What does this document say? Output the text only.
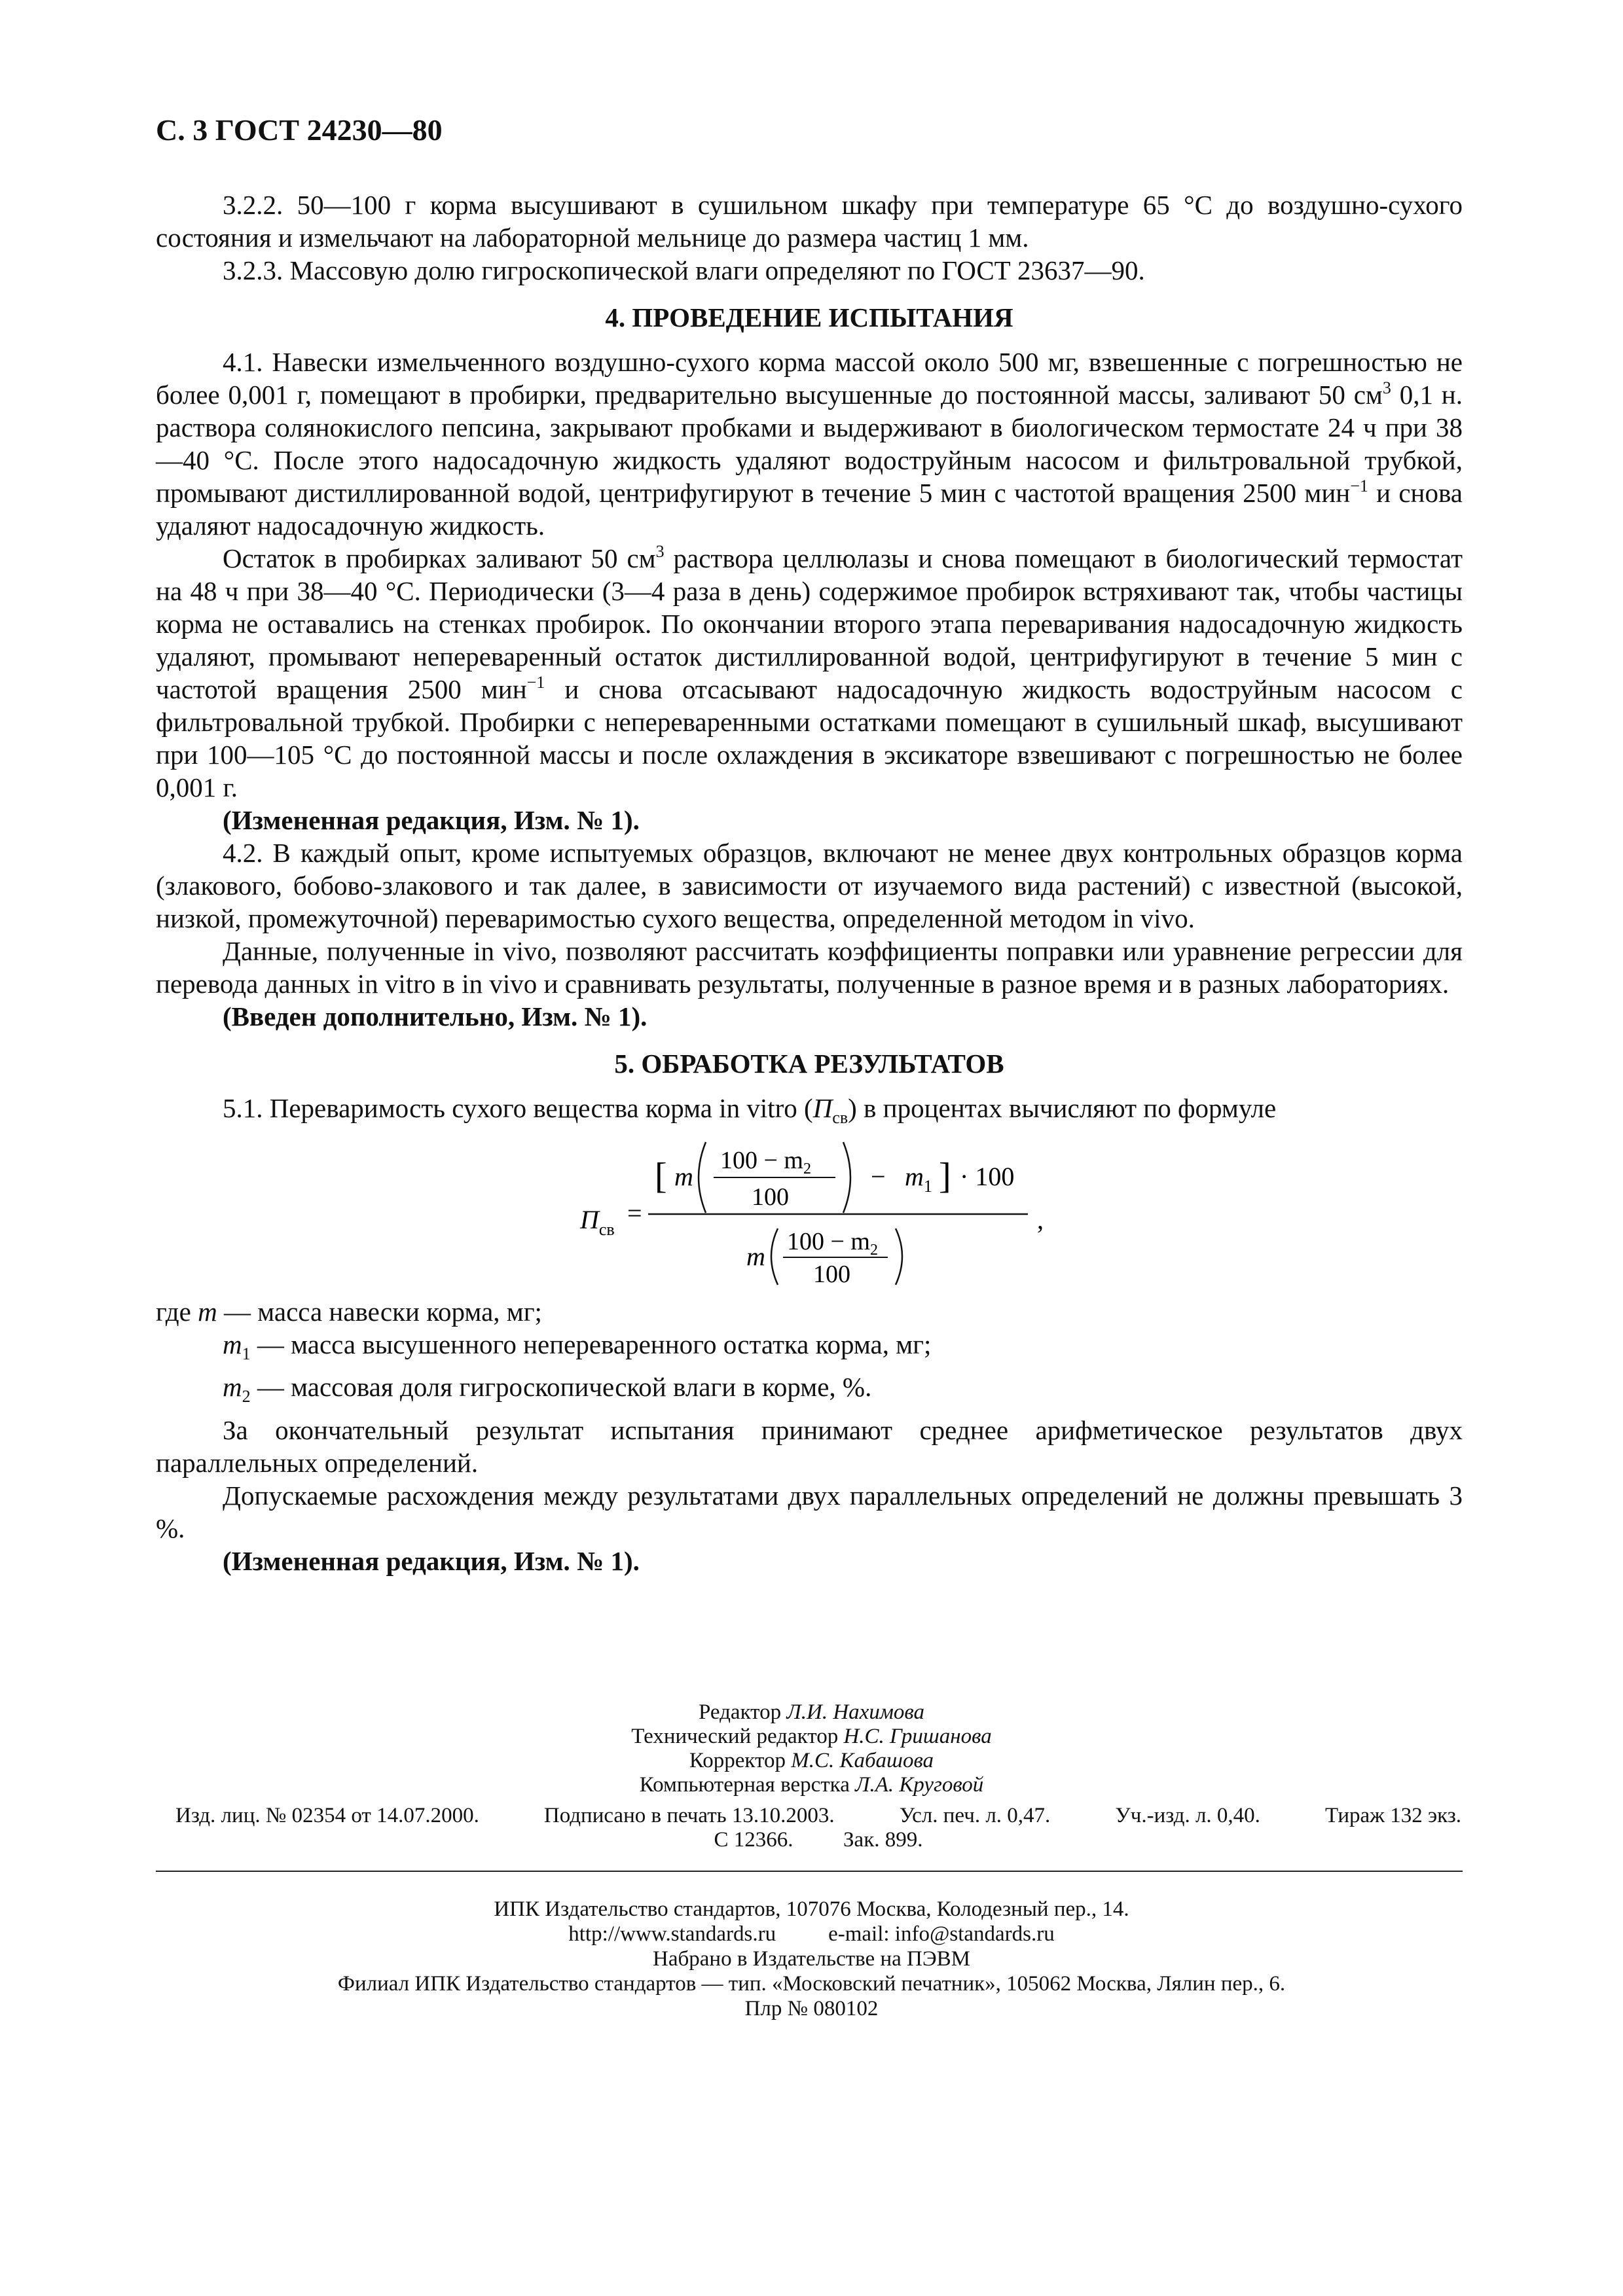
С. 3 ГОСТ 24230—80

3.2.2. 50—100 г корма высушивают в сушильном шкафу при температуре 65 °С до воздушно-сухого состояния и измельчают на лабораторной мельнице до размера частиц 1 мм.

3.2.3. Массовую долю гигроскопической влаги определяют по ГОСТ 23637—90.

4. ПРОВЕДЕНИЕ ИСПЫТАНИЯ

4.1. Навески измельченного воздушно-сухого корма массой около 500 мг, взвешенные с погрешностью не более 0,001 г, помещают в пробирки, предварительно высушенные до постоянной массы, заливают 50 $см^3$ 0,1 н. раствора солянокислого пепсина, закрывают пробками и выдерживают в биологическом термостате 24 ч при 38—40 °С. После этого надосадочную жидкость удаляют водоструйным насосом и фильтровальной трубкой, промывают дистиллированной водой, центрифугируют в течение 5 мин с частотой вращения 2500 мин$^{-1}$ и снова удаляют надосадочную жидкость.

Остаток в пробирках заливают 50 $см^3$ раствора целлюлазы и снова помещают в биологический термостат на 48 ч при 38—40 °С. Периодически (3—4 раза в день) содержимое пробирок встряхивают так, чтобы частицы корма не оставались на стенках пробирок. По окончании второго этапа переваривания надосадочную жидкость удаляют, промывают непереваренный остаток дистиллированной водой, центрифугируют в течение 5 мин с частотой вращения 2500 мин$^{-1}$ и снова отсасывают надосадочную жидкость водоструйным насосом с фильтровальной трубкой. Пробирки с непереваренными остатками помещают в сушильный шкаф, высушивают при 100—105 °С до постоянной массы и после охлаждения в эксикаторе взвешивают с погрешностью не более 0,001 г.

(Измененная редакция, Изм. № 1).

4.2. В каждый опыт, кроме испытуемых образцов, включают не менее двух контрольных образцов корма (злакового, бобово-злакового и так далее, в зависимости от изучаемого вида растений) с известной (высокой, низкой, промежуточной) переваримостью сухого вещества, определенной методом in vivo.

Данные, полученные in vivo, позволяют рассчитать коэффициенты поправки или уравнение регрессии для перевода данных in vitro в in vivo и сравнивать результаты, полученные в разное время и в разных лабораториях.

(Введен дополнительно, Изм. № 1).

5. ОБРАБОТКА РЕЗУЛЬТАТОВ

5.1. Переваримость сухого вещества корма in vitro $(П_{св})$ в процентах вычисляют по формуле

$П_{св}$
=
[ m
$100 - m_2$
100
− $m_1$ ] · 100
m $100 - m_2$
100
,

где m — масса навески корма, мг;

$m_1$ — масса высушенного непереваренного остатка корма, мг;

$m_2$ — массовая доля гигроскопической влаги в корме, %.

За окончательный результат испытания принимают среднее арифметическое результатов двух параллельных определений.

Допускаемые расхождения между результатами двух параллельных определений не должны превышать 3 %.

(Измененная редакция, Изм. № 1).

Редактор Л.И. Нахимова
Технический редактор Н.С. Гришанова
Корректор М.С. Кабашова
Компьютерная верстка Л.А. Круговой
Изд. лиц. № 02354 от 14.07.2000.	Подписано в печать 13.10.2003.	Усл. печ. л. 0,47.	Уч.-изд. л. 0,40.	Тираж 132 экз.
С 12366. Зак. 899.
ИПК Издательство стандартов, 107076 Москва, Колодезный пер., 14.
http://www.standards.ru e-mail: info@standards.ru
Набрано в Издательстве на ПЭВМ
Филиал ИПК Издательство стандартов — тип. «Московский печатник», 105062 Москва, Лялин пер., 6.
Плр № 080102
